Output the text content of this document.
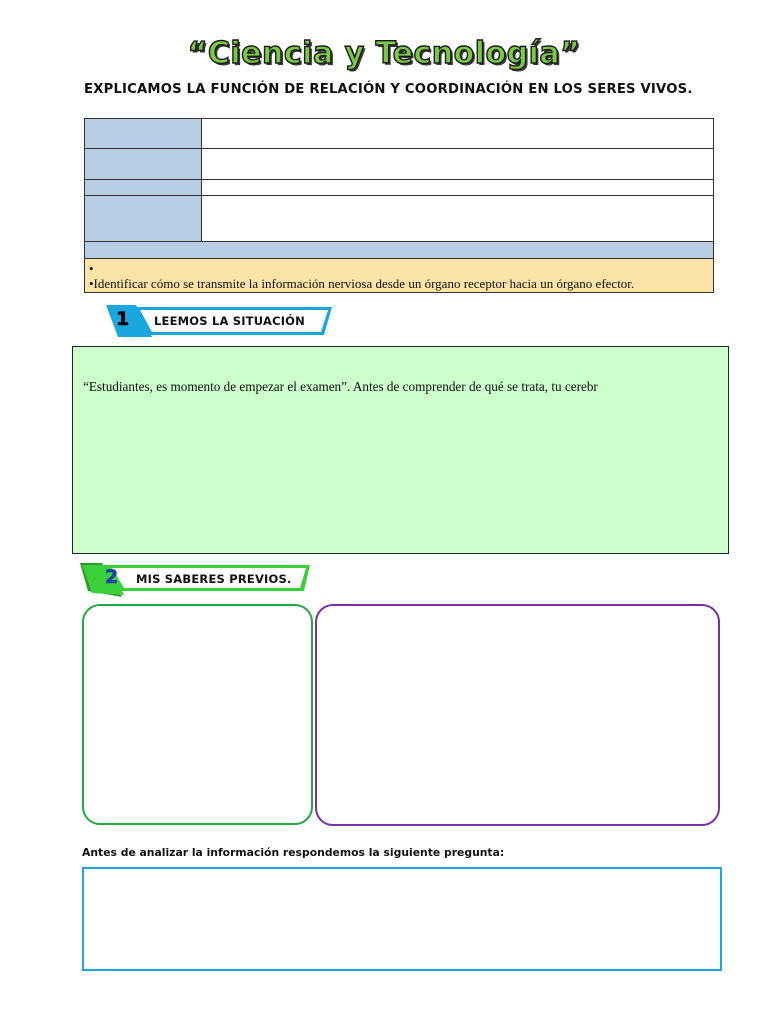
“Ciencia y Tecnología”
EXPLICAMOS LA FUNCIÓN DE RELACIÓN Y COORDINACIÓN EN LOS SERES VIVOS.
•
•Identificar cómo se transmite la información nerviosa desde un órgano receptor hacia un órgano efector.
1 LEEMOS LA SITUACIÓN
“Estudiantes, es momento de empezar el examen”. Antes de comprender de qué se trata, tu cerebr
2 MIS SABERES PREVIOS.
Antes de analizar la información respondemos la siguiente pregunta:
